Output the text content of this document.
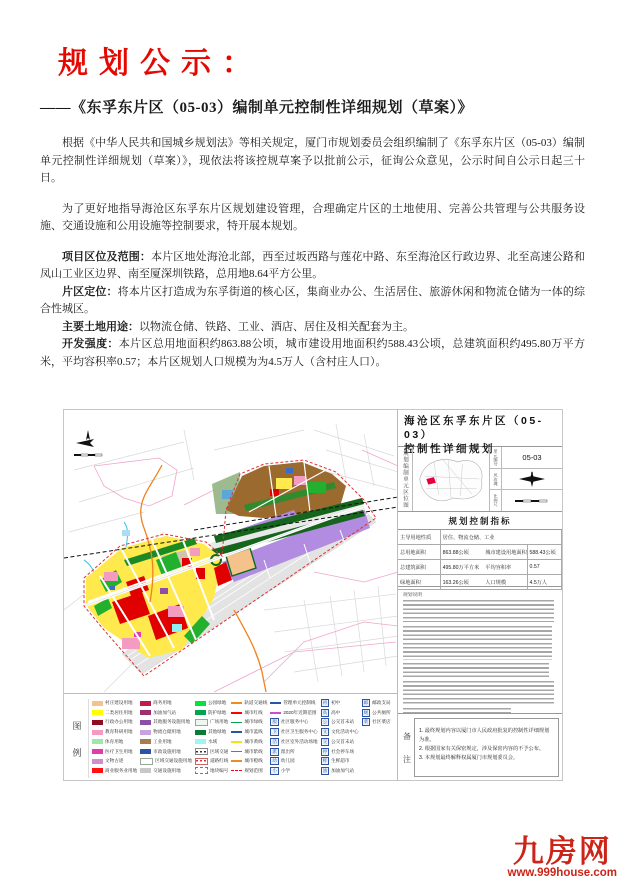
规划公示：
——《东孚东片区（05-03）编制单元控制性详细规划（草案）》

根据《中华人民共和国城乡规划法》等相关规定，厦门市规划委员会组织编制了《东孚东片区（05-03）编制单元控制性详细规划（草案）》，现依法将该控规草案予以批前公示，征询公众意见，公示时间自公示日起三十日。

为了更好地指导海沧区东孚东片区规划建设管理，合理确定片区的土地使用、完善公共管理与公共服务设施、交通设施和公用设施等控制要求，特开展本规划。

项目区位及范围：本片区地处海沧北部，西至过坂西路与莲花中路、东至海沧区行政边界、北至高速公路和凤山工业区边界、南至厦深圳铁路，总用地8.64平方公里。

片区定位：将本片区打造成为东孚街道的核心区，集商业办公、生活居住、旅游休闲和物流仓储为一体的综合性城区。

主要土地用途：以物流仓储、铁路、工业、酒店、居住及相关配套为主。

开发强度：本片区总用地面积约863.88公顷，城市建设用地面积约588.43公顷，总建筑面积约495.80万平方米，平均容积率0.57；本片区规划人口规模为为4.5万人（含村庄人口）。

图
例
村庄建设用地
二类居住用地
行政办公用地
教育科研用地
体育用地
医疗卫生用地
文物古迹
商业服务业用地
商务用地
加油加气站
其他服务设施用地
物流仓储用地
工业用地
市政设施用地
区域交通设施用地
交通设施用地
公园绿地
防护绿地
广场用地
其他绿地
水域
区域交通
道路红线
地块编号
轨道交通线
城市红线
城市绿线
城市蓝线
城市黄线
城市紫线
城市橙线
规划范围
管理单元控制线
2020年近期范围
服 社区服务中心
卫 社区卫生服务中心
活 社区室外活动场地
派 派出所
幼 幼儿园
小 小学
初 初中
高 高中
公 公交首末站
文 文化活动中心
交 公交首末站
停 社会停车场
鲜 生鲜超市
油 加油加气站
邮 邮政支局
厕 公共厕所
菜 社区菜店
海沧区东孚东片区（05-03）
控制性详细规划
规划编制单元区位图	单元编号	05-03
风玫瑰	N
比例尺
规划控制指标
主导用地性质	居住、物流仓储、工业
总用地面积	863.88公顷	城市建设用地面积 588.43公顷
总建筑面积	495.80万平方米	平均容积率	0.57
绿地面积	163.26公顷	人口规模	4.5万人
规划说明
备
注
1. 最终规划内容以厦门市人民政府批复的控制性详细规划为准。
2. 根据国家有关保密规定，涉及保密内容的不予公布。
3. 本规划最终解释权属厦门市规划委员会。
九房网
www.999house.com
